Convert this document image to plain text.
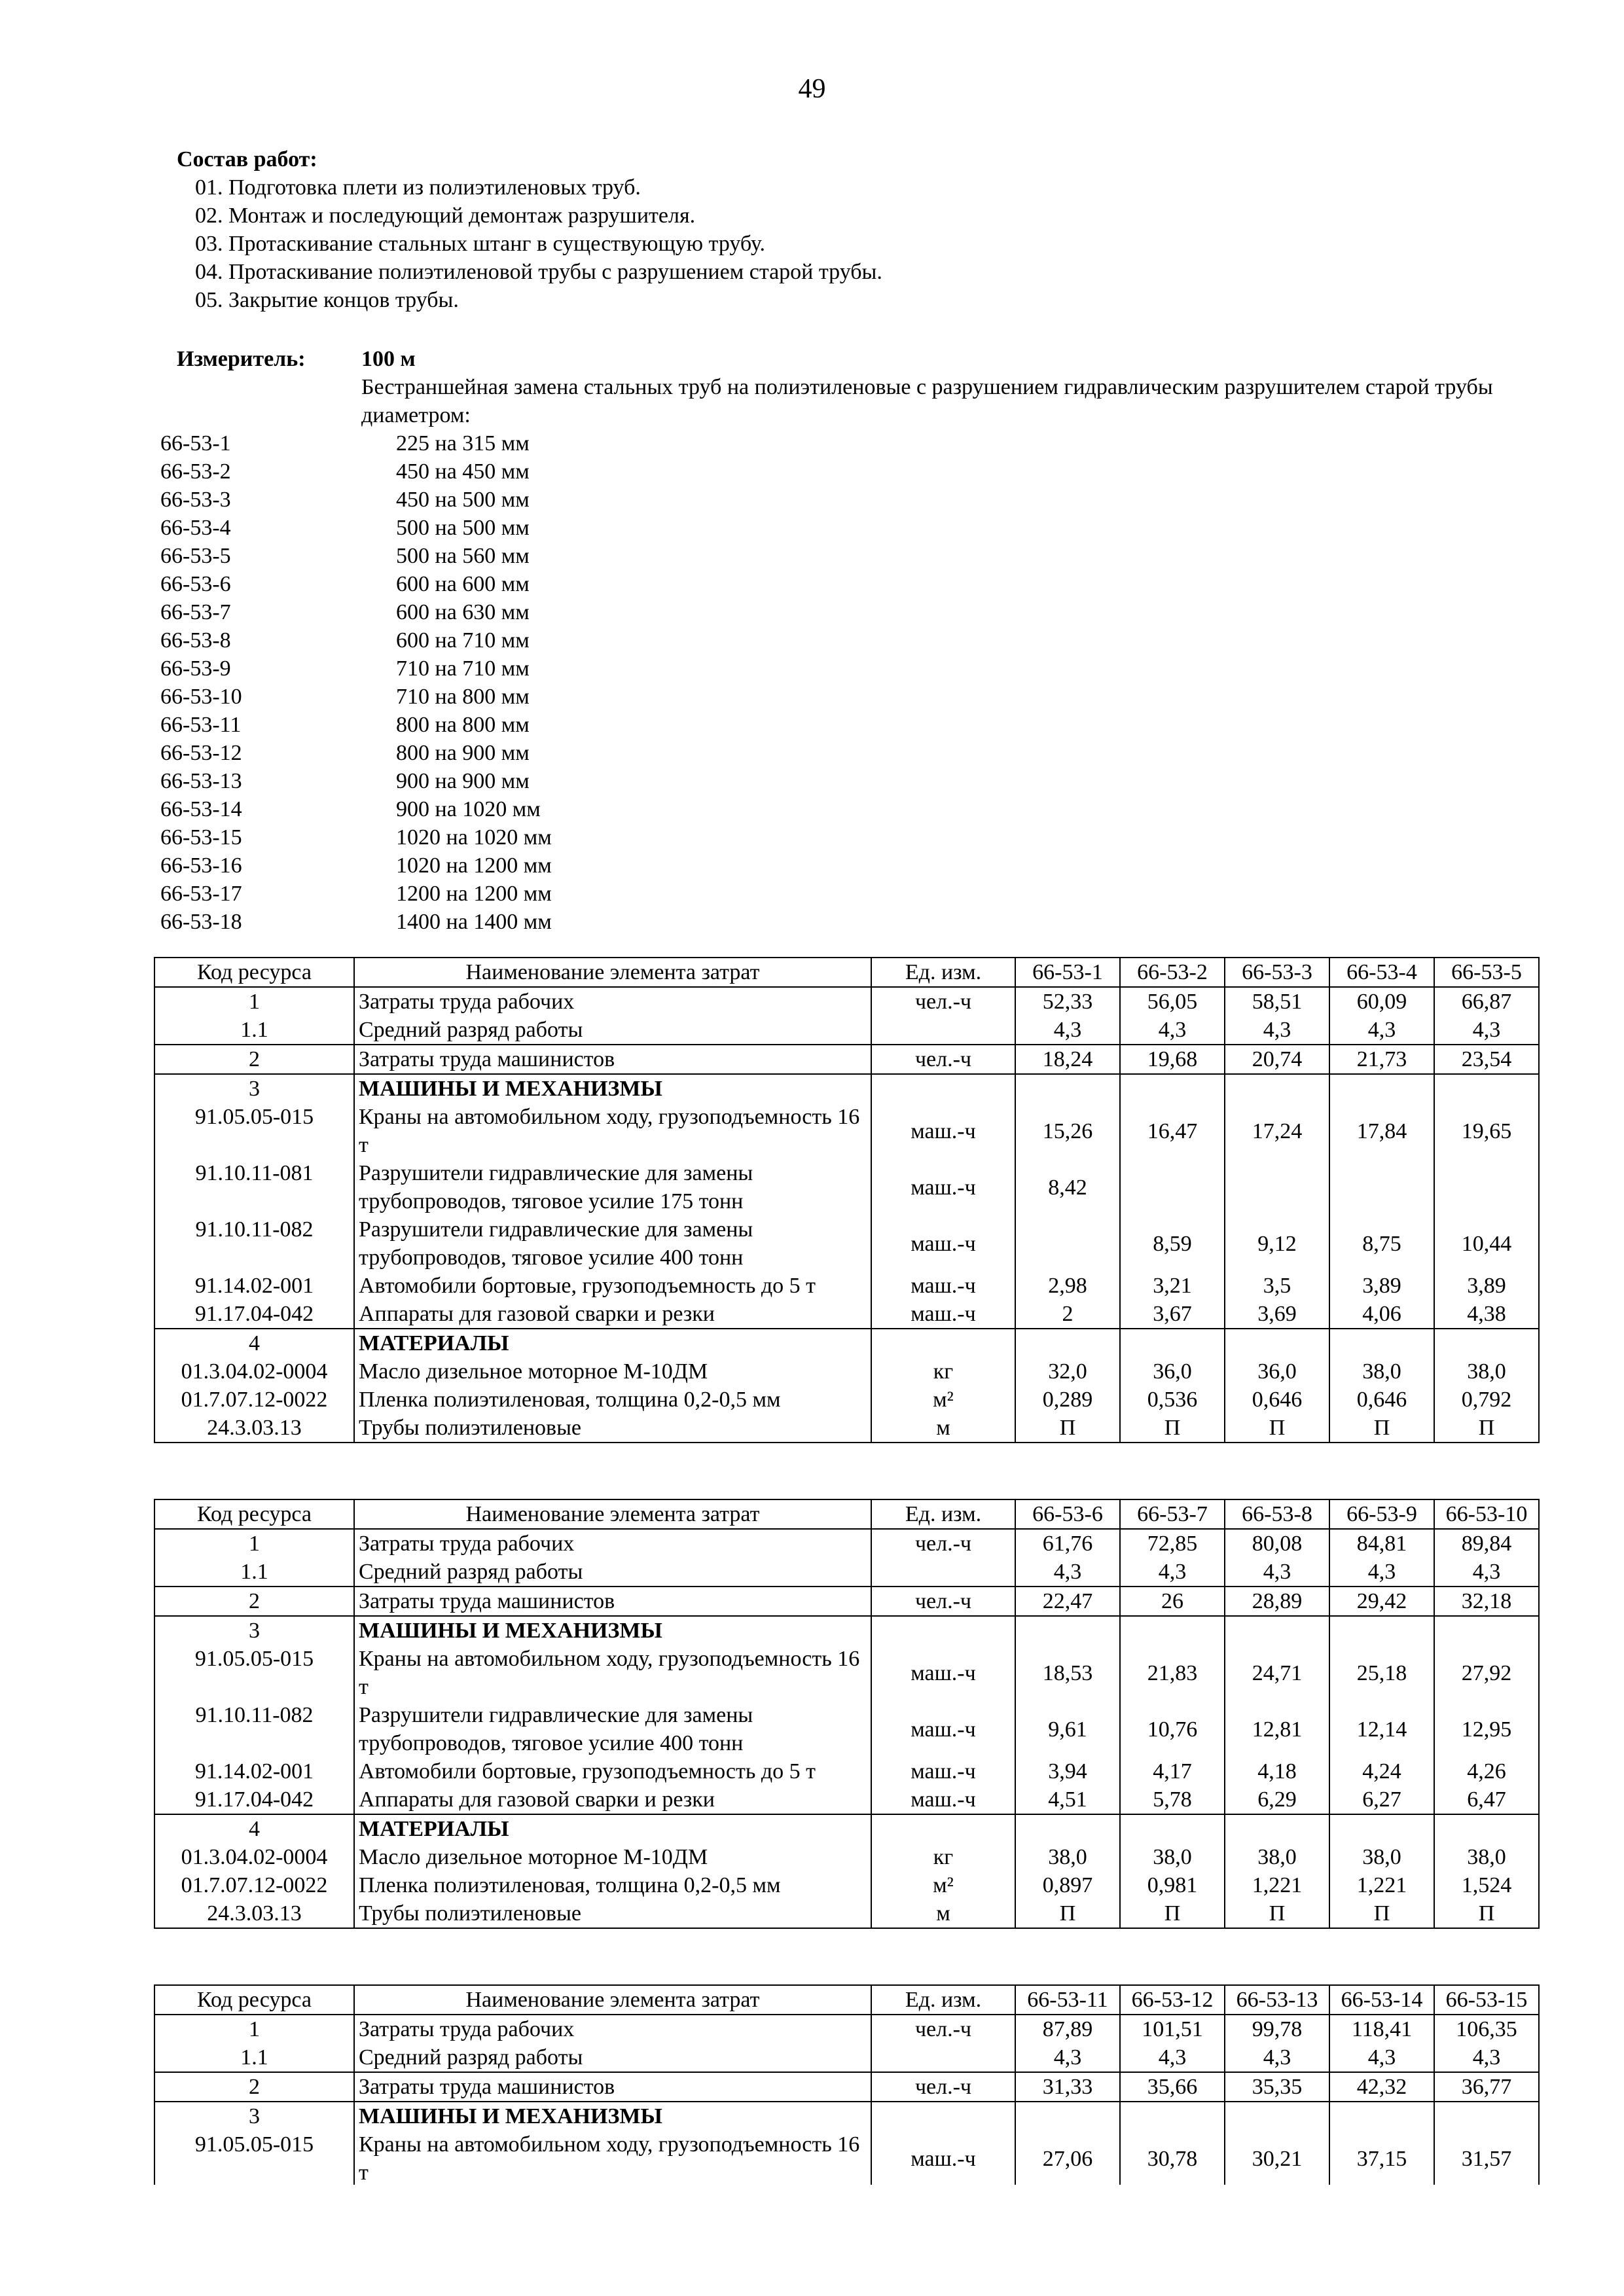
49
Состав работ:
01. Подготовка плети из полиэтиленовых труб.
02. Монтаж и последующий демонтаж разрушителя.
03. Протаскивание стальных штанг в существующую трубу.
04. Протаскивание полиэтиленовой трубы с разрушением старой трубы.
05. Закрытие концов трубы.
Измеритель:	100 м
Бестраншейная замена стальных труб на полиэтиленовые с разрушением гидравлическим разрушителем старой трубы диаметром:
66-53-1	225 на 315 мм
66-53-2	450 на 450 мм
66-53-3	450 на 500 мм
66-53-4	500 на 500 мм
66-53-5	500 на 560 мм
66-53-6	600 на 600 мм
66-53-7	600 на 630 мм
66-53-8	600 на 710 мм
66-53-9	710 на 710 мм
66-53-10	710 на 800 мм
66-53-11	800 на 800 мм
66-53-12	800 на 900 мм
66-53-13	900 на 900 мм
66-53-14	900 на 1020 мм
66-53-15	1020 на 1020 мм
66-53-16	1020 на 1200 мм
66-53-17	1200 на 1200 мм
66-53-18	1400 на 1400 мм
Код ресурса	Наименование элемента затрат	Ед. изм.	66-53-1	66-53-2	66-53-3	66-53-4	66-53-5
1	Затраты труда рабочих	чел.-ч	52,33	56,05	58,51	60,09	66,87
1.1	Средний разряд работы		4,3	4,3	4,3	4,3	4,3
2	Затраты труда машинистов	чел.-ч	18,24	19,68	20,74	21,73	23,54
3	МАШИНЫ И МЕХАНИЗМЫ						
91.05.05-015	Краны на автомобильном ходу, грузоподъемность 16 т	маш.-ч	15,26	16,47	17,24	17,84	19,65
91.10.11-081	Разрушители гидравлические для замены трубопроводов, тяговое усилие 175 тонн	маш.-ч	8,42				
91.10.11-082	Разрушители гидравлические для замены трубопроводов, тяговое усилие 400 тонн	маш.-ч		8,59	9,12	8,75	10,44
91.14.02-001	Автомобили бортовые, грузоподъемность до 5 т	маш.-ч	2,98	3,21	3,5	3,89	3,89
91.17.04-042	Аппараты для газовой сварки и резки	маш.-ч	2	3,67	3,69	4,06	4,38
4	МАТЕРИАЛЫ						
01.3.04.02-0004	Масло дизельное моторное М-10ДМ	кг	32,0	36,0	36,0	38,0	38,0
01.7.07.12-0022	Пленка полиэтиленовая, толщина 0,2-0,5 мм	м²	0,289	0,536	0,646	0,646	0,792
24.3.03.13	Трубы полиэтиленовые	м	П	П	П	П	П
Код ресурса	Наименование элемента затрат	Ед. изм.	66-53-6	66-53-7	66-53-8	66-53-9	66-53-10
1	Затраты труда рабочих	чел.-ч	61,76	72,85	80,08	84,81	89,84
1.1	Средний разряд работы		4,3	4,3	4,3	4,3	4,3
2	Затраты труда машинистов	чел.-ч	22,47	26	28,89	29,42	32,18
3	МАШИНЫ И МЕХАНИЗМЫ						
91.05.05-015	Краны на автомобильном ходу, грузоподъемность 16 т	маш.-ч	18,53	21,83	24,71	25,18	27,92
91.10.11-082	Разрушители гидравлические для замены трубопроводов, тяговое усилие 400 тонн	маш.-ч	9,61	10,76	12,81	12,14	12,95
91.14.02-001	Автомобили бортовые, грузоподъемность до 5 т	маш.-ч	3,94	4,17	4,18	4,24	4,26
91.17.04-042	Аппараты для газовой сварки и резки	маш.-ч	4,51	5,78	6,29	6,27	6,47
4	МАТЕРИАЛЫ						
01.3.04.02-0004	Масло дизельное моторное М-10ДМ	кг	38,0	38,0	38,0	38,0	38,0
01.7.07.12-0022	Пленка полиэтиленовая, толщина 0,2-0,5 мм	м²	0,897	0,981	1,221	1,221	1,524
24.3.03.13	Трубы полиэтиленовые	м	П	П	П	П	П
Код ресурса	Наименование элемента затрат	Ед. изм.	66-53-11	66-53-12	66-53-13	66-53-14	66-53-15
1	Затраты труда рабочих	чел.-ч	87,89	101,51	99,78	118,41	106,35
1.1	Средний разряд работы		4,3	4,3	4,3	4,3	4,3
2	Затраты труда машинистов	чел.-ч	31,33	35,66	35,35	42,32	36,77
3	МАШИНЫ И МЕХАНИЗМЫ						
91.05.05-015	Краны на автомобильном ходу, грузоподъемность 16 т	маш.-ч	27,06	30,78	30,21	37,15	31,57
